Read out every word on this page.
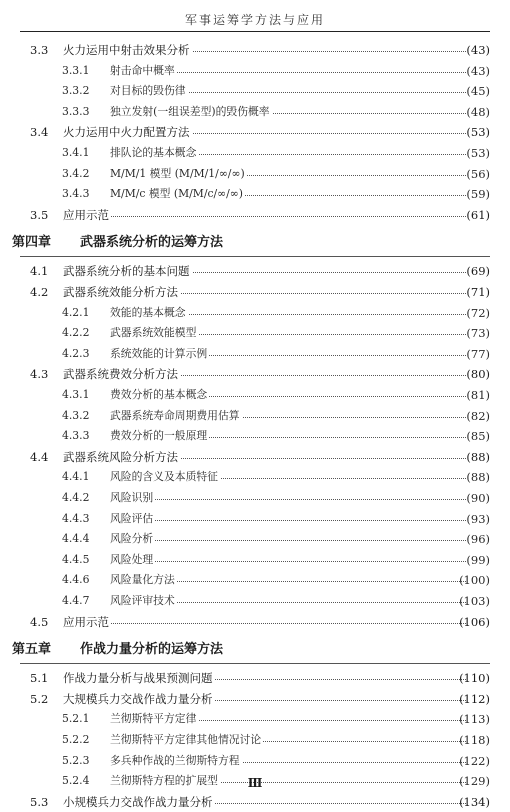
军事运筹学方法与应用
3.3 火力运用中射击效果分析	(43)
3.3.1 射击命中概率	(43)
3.3.2 对目标的毁伤律	(45)
3.3.3 独立发射(一组误差型)的毁伤概率	(48)
3.4 火力运用中火力配置方法	(53)
3.4.1 排队论的基本概念	(53)
3.4.2 M/M/1 模型 (M/M/1/∞/∞)	(56)
3.4.3 M/M/c 模型 (M/M/c/∞/∞)	(59)
3.5 应用示范	(61)
第四章 武器系统分析的运筹方法
4.1 武器系统分析的基本问题	(69)
4.2 武器系统效能分析方法	(71)
4.2.1 效能的基本概念	(72)
4.2.2 武器系统效能模型	(73)
4.2.3 系统效能的计算示例	(77)
4.3 武器系统费效分析方法	(80)
4.3.1 费效分析的基本概念	(81)
4.3.2 武器系统寿命周期费用估算	(82)
4.3.3 费效分析的一般原理	(85)
4.4 武器系统风险分析方法	(88)
4.4.1 风险的含义及本质特征	(88)
4.4.2 风险识别	(90)
4.4.3 风险评估	(93)
4.4.4 风险分析	(96)
4.4.5 风险处理	(99)
4.4.6 风险量化方法	(100)
4.4.7 风险评审技术	(103)
4.5 应用示范	(106)
第五章 作战力量分析的运筹方法
5.1 作战力量分析与战果预测问题	(110)
5.2 大规模兵力交战作战力量分析	(112)
5.2.1 兰彻斯特平方定律	(113)
5.2.2 兰彻斯特平方定律其他情况讨论	(118)
5.2.3 多兵种作战的兰彻斯特方程	(122)
5.2.4 兰彻斯特方程的扩展型	(129)
5.3 小规模兵力交战作战力量分析	(134)
Ⅲ
